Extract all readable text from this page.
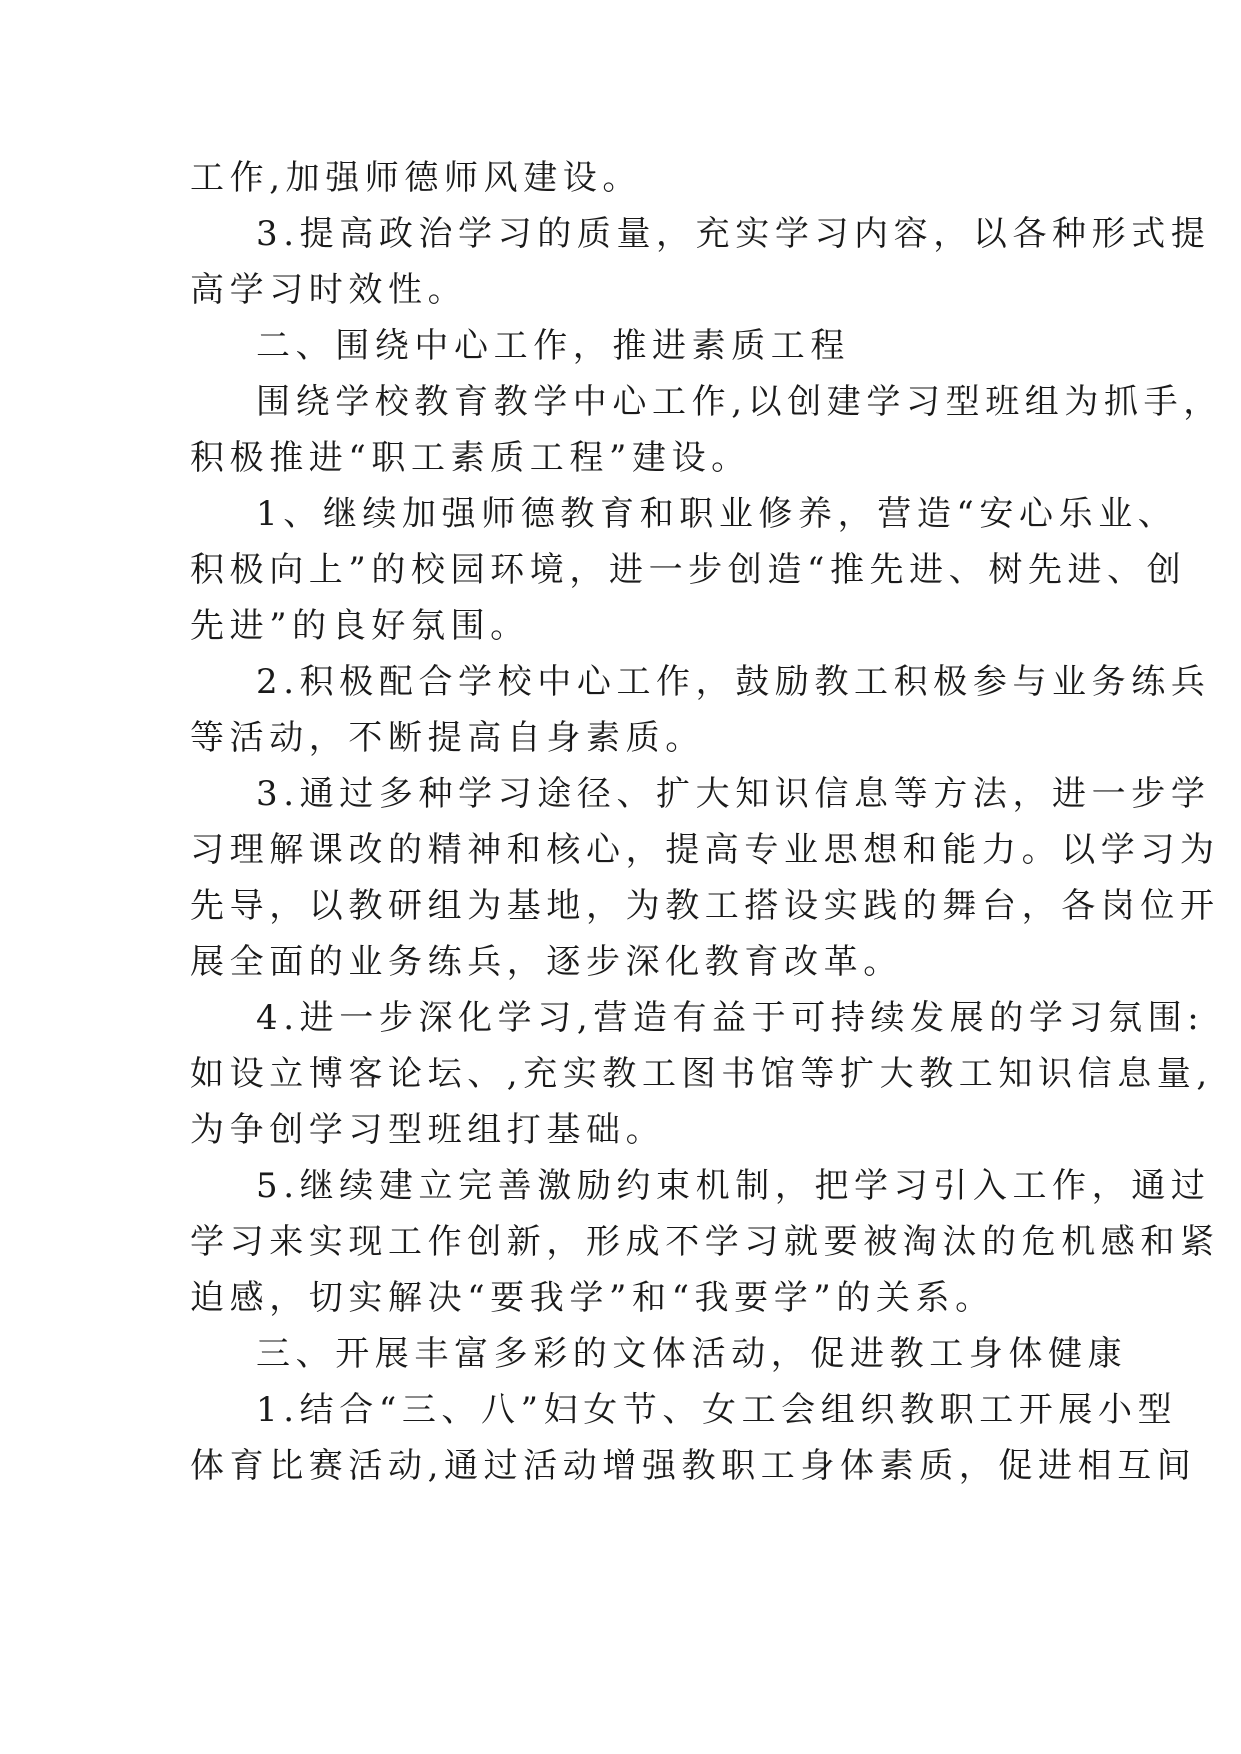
工作,加强师德师风建设。
3.提高政治学习的质量，充实学习内容，以各种形式提
高学习时效性。
二、围绕中心工作，推进素质工程
围绕学校教育教学中心工作,以创建学习型班组为抓手，
积极推进“职工素质工程”建设。
1、继续加强师德教育和职业修养，营造“安心乐业、
积极向上”的校园环境，进一步创造“推先进、树先进、创
先进”的良好氛围。
2.积极配合学校中心工作，鼓励教工积极参与业务练兵
等活动，不断提高自身素质。
3.通过多种学习途径、扩大知识信息等方法，进一步学
习理解课改的精神和核心，提高专业思想和能力。以学习为
先导，以教研组为基地，为教工搭设实践的舞台，各岗位开
展全面的业务练兵，逐步深化教育改革。
4.进一步深化学习,营造有益于可持续发展的学习氛围:
如设立博客论坛、,充实教工图书馆等扩大教工知识信息量,
为争创学习型班组打基础。
5.继续建立完善激励约束机制，把学习引入工作，通过
学习来实现工作创新，形成不学习就要被淘汰的危机感和紧
迫感，切实解决“要我学”和“我要学”的关系。
三、开展丰富多彩的文体活动，促进教工身体健康
1.结合“三、八”妇女节、女工会组织教职工开展小型
体育比赛活动,通过活动增强教职工身体素质，促进相互间
